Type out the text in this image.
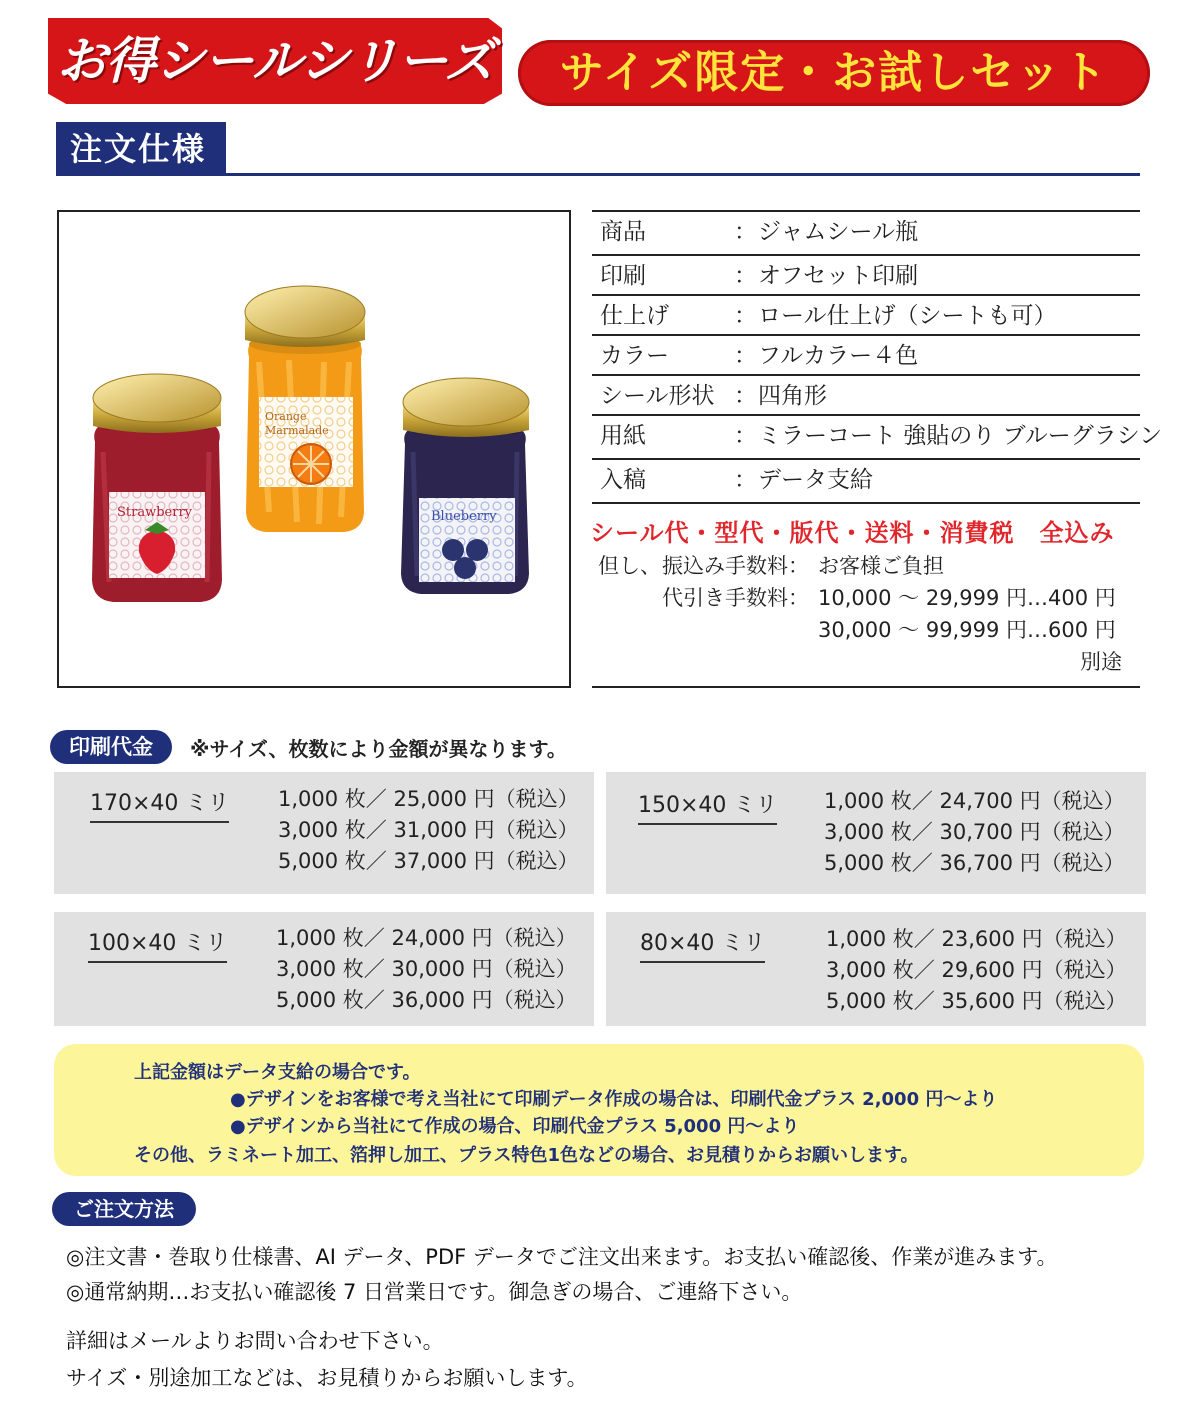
お得シールシリーズ	サイズ限定・お試しセット
注文仕様
Orange
Marmalade
Strawberry	Blueberry
商品	： ジャムシール瓶
印刷	： オフセット印刷
仕上げ	： ロール仕上げ（シートも可）
カラー	： フルカラー４色
シール形状 ： 四角形
用紙	： ミラーコート 強貼のり ブルーグラシン
入稿	： データ支給
シール代・型代・版代・送料・消費税　全込み
但し、 振込み手数料： お客様ご負担
代引き手数料： 10,000 ～ 29,999 円…400 円
30,000 ～ 99,999 円…600 円
別途
印刷代金	※サイズ、枚数により金額が異なります。
170×40 ミリ 1,000 枚／ 25,000 円（税込）
3,000 枚／ 31,000 円（税込）
5,000 枚／ 37,000 円（税込）
150×40 ミリ 1,000 枚／ 24,700 円（税込）
3,000 枚／ 30,700 円（税込）
5,000 枚／ 36,700 円（税込）
100×40 ミリ 1,000 枚／ 24,000 円（税込）
3,000 枚／ 30,000 円（税込）
5,000 枚／ 36,000 円（税込）
80×40 ミリ	1,000 枚／ 23,600 円（税込）
3,000 枚／ 29,600 円（税込）
5,000 枚／ 35,600 円（税込）
上記金額はデータ支給の場合です。
●デザインをお客様で考え当社にて印刷データ作成の場合は、印刷代金プラス 2,000 円～より
●デザインから当社にて作成の場合、印刷代金プラス 5,000 円～より
その他、ラミネート加工、箔押し加工、プラス特色1色などの場合、お見積りからお願いします。
ご注文方法
◎注文書・巻取り仕様書、AI データ、PDF データでご注文出来ます。お支払い確認後、作業が進みます。
◎通常納期…お支払い確認後 7 日営業日です。御急ぎの場合、ご連絡下さい。
詳細はメールよりお問い合わせ下さい。
サイズ・別途加工などは、お見積りからお願いします。
